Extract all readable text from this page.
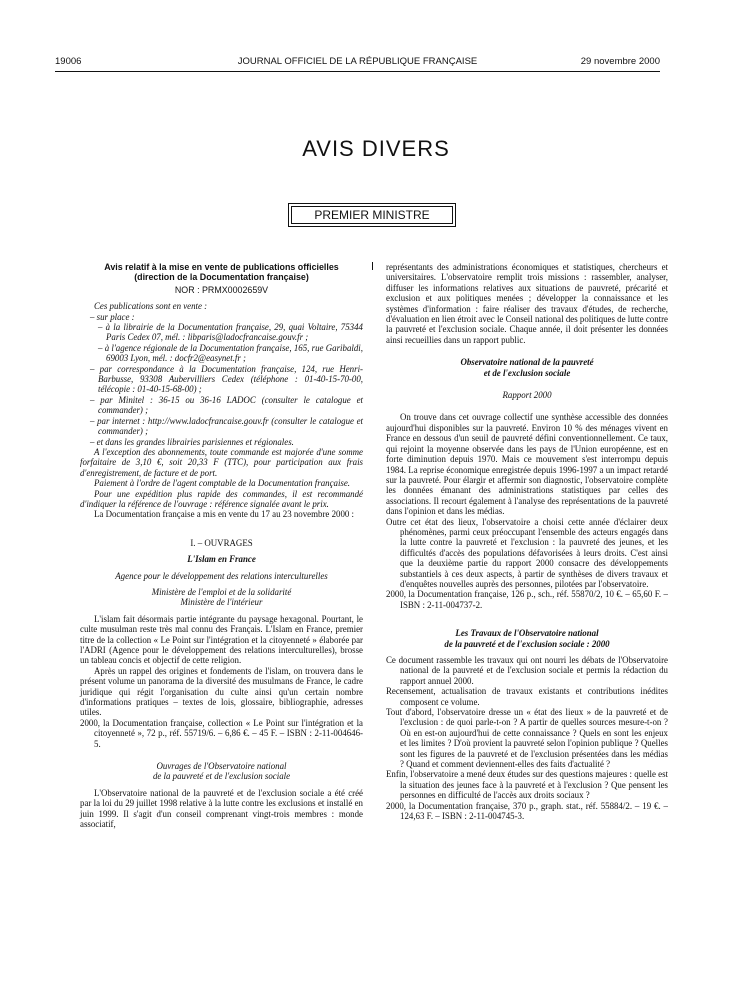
19006	JOURNAL OFFICIEL DE LA RÉPUBLIQUE FRANÇAISE	29 novembre 2000
AVIS DIVERS
PREMIER MINISTRE

Avis relatif à la mise en vente de publications officielles

(direction de la Documentation française)

NOR : PRMX0002659V

Ces publications sont en vente :

– sur place :

– à la librairie de la Documentation française, 29, quai Voltaire, 75344 Paris Cedex 07, mél. : libparis@ladocfrancaise.gouv.fr ;

– à l'agence régionale de la Documentation française, 165, rue Garibaldi, 69003 Lyon, mél. : docfr2@easynet.fr ;

– par correspondance à la Documentation française, 124, rue Henri-Barbusse, 93308 Aubervilliers Cedex (téléphone : 01-40-15-70-00, télécopie : 01-40-15-68-00) ;

– par Minitel : 36-15 ou 36-16 LADOC (consulter le catalogue et commander) ;

– par internet : http://www.ladocfrancaise.gouv.fr (consulter le catalogue et commander) ;

– et dans les grandes librairies parisiennes et régionales.

A l'exception des abonnements, toute commande est majorée d'une somme forfaitaire de 3,10 €, soit 20,33 F (TTC), pour participation aux frais d'enregistrement, de facture et de port.

Paiement à l'ordre de l'agent comptable de la Documentation française.

Pour une expédition plus rapide des commandes, il est recommandé d'indiquer la référence de l'ouvrage : référence signalée avant le prix.

La Documentation française a mis en vente du 17 au 23 novembre 2000 :

I. – OUVRAGES

L'Islam en France

Agence pour le développement des relations interculturelles

Ministère de l'emploi et de la solidarité

Ministère de l'intérieur

L'islam fait désormais partie intégrante du paysage hexagonal. Pourtant, le culte musulman reste très mal connu des Français. L'Islam en France, premier titre de la collection « Le Point sur l'intégration et la citoyenneté » élaborée par l'ADRI (Agence pour le développement des relations interculturelles), brosse un tableau concis et objectif de cette religion.

Après un rappel des origines et fondements de l'islam, on trouvera dans le présent volume un panorama de la diversité des musulmans de France, le cadre juridique qui régit l'organisation du culte ainsi qu'un certain nombre d'informations pratiques – textes de lois, glossaire, bibliographie, adresses utiles.

2000, la Documentation française, collection « Le Point sur l'intégration et la citoyenneté », 72 p., réf. 55719/6. – 6,86 €. – 45 F. – ISBN : 2-11-004646-5.

Ouvrages de l'Observatoire national

de la pauvreté et de l'exclusion sociale

L'Observatoire national de la pauvreté et de l'exclusion sociale a été créé par la loi du 29 juillet 1998 relative à la lutte contre les exclusions et installé en juin 1999. Il s'agit d'un conseil comprenant vingt-trois membres : monde associatif,

représentants des administrations économiques et statistiques, chercheurs et universitaires. L'observatoire remplit trois missions : rassembler, analyser, diffuser les informations relatives aux situations de pauvreté, précarité et exclusion et aux politiques menées ; développer la connaissance et les systèmes d'information : faire réaliser des travaux d'études, de recherche, d'évaluation en lien étroit avec le Conseil national des politiques de lutte contre la pauvreté et l'exclusion sociale. Chaque année, il doit présenter les données ainsi recueillies dans un rapport public.

Observatoire national de la pauvreté

et de l'exclusion sociale

Rapport 2000

On trouve dans cet ouvrage collectif une synthèse accessible des données aujourd'hui disponibles sur la pauvreté. Environ 10 % des ménages vivent en France en dessous d'un seuil de pauvreté défini conventionnellement. Ce taux, qui rejoint la moyenne observée dans les pays de l'Union européenne, est en forte diminution depuis 1970. Mais ce mouvement s'est interrompu depuis 1984. La reprise économique enregistrée depuis 1996-1997 a un impact retardé sur la pauvreté. Pour élargir et affermir son diagnostic, l'observatoire complète les données émanant des administrations statistiques par celles des associations. Il recourt également à l'analyse des représentations de la pauvreté dans l'opinion et dans les médias.

Outre cet état des lieux, l'observatoire a choisi cette année d'éclairer deux phénomènes, parmi ceux préoccupant l'ensemble des acteurs engagés dans la lutte contre la pauvreté et l'exclusion : la pauvreté des jeunes, et les difficultés d'accès des populations défavorisées à leurs droits. C'est ainsi que la deuxième partie du rapport 2000 consacre des développements substantiels à ces deux aspects, à partir de synthèses de divers travaux et d'enquêtes nouvelles auprès des personnes, pilotées par l'observatoire.

2000, la Documentation française, 126 p., sch., réf. 55870/2, 10 €. – 65,60 F. – ISBN : 2-11-004737-2.

Les Travaux de l'Observatoire national

de la pauvreté et de l'exclusion sociale : 2000

Ce document rassemble les travaux qui ont nourri les débats de l'Observatoire national de la pauvreté et de l'exclusion sociale et permis la rédaction du rapport annuel 2000.

Recensement, actualisation de travaux existants et contributions inédites composent ce volume.

Tout d'abord, l'observatoire dresse un « état des lieux » de la pauvreté et de l'exclusion : de quoi parle-t-on ? A partir de quelles sources mesure-t-on ? Où en est-on aujourd'hui de cette connaissance ? Quels en sont les enjeux et les limites ? D'où provient la pauvreté selon l'opinion publique ? Quelles sont les figures de la pauvreté et de l'exclusion présentées dans les médias ? Quand et comment deviennent-elles des faits d'actualité ?

Enfin, l'observatoire a mené deux études sur des questions majeures : quelle est la situation des jeunes face à la pauvreté et à l'exclusion ? Que pensent les personnes en difficulté de l'accès aux droits sociaux ?

2000, la Documentation française, 370 p., graph. stat., réf. 55884/2. – 19 €. – 124,63 F. – ISBN : 2-11-004745-3.
